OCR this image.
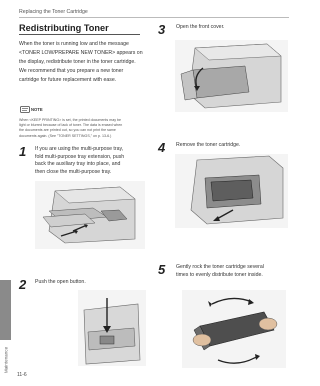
Replacing the Toner Cartridge
Maintenance
11-6
Redistributing Toner
When the toner is running low and the message
<TONER LOW/PREPARE NEW TONER> appears on
the display, redistribute toner in the toner cartridge.
We recommend that you prepare a new toner
cartridge for future replacement with ease.
NOTE
When <KEEP PRINTING> is set, the printed documents may be
light or blurred because of lack of toner. The data is erased when
the documents are printed out, so you can not print the same
documents again. (See "TONER SETTINGS," on p. 13-6.)
1 If you are using the multi-purpose tray,
fold multi-purpose tray extension, push
back the auxiliary tray into place, and
then close the multi-purpose tray.
2 Push the open button.
3 Open the front cover.
4 Remove the toner cartridge.
5 Gently rock the toner cartridge several
times to evenly distribute toner inside.
